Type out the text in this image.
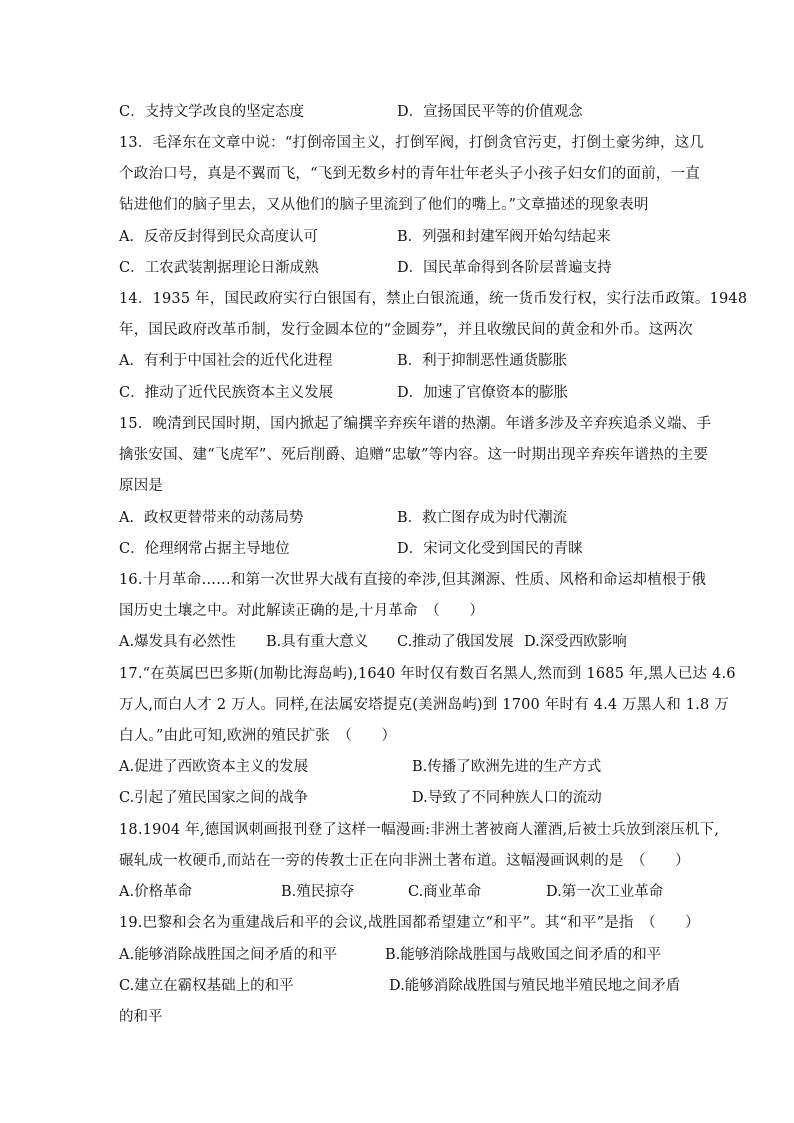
C．支持文学改良的坚定态度	D．宣扬国民平等的价值观念
13．毛泽东在文章中说：“打倒帝国主义，打倒军阀，打倒贪官污吏，打倒土豪劣绅，这几
个政治口号，真是不翼而飞，“飞到无数乡村的青年壮年老头子小孩子妇女们的面前，一直
钻进他们的脑子里去，又从他们的脑子里流到了他们的嘴上。”文章描述的现象表明
A．反帝反封得到民众高度认可	B．列强和封建军阀开始勾结起来
C．工农武装割据理论日渐成熟	D．国民革命得到各阶层普遍支持
14．1935 年，国民政府实行白银国有，禁止白银流通，统一货币发行权，实行法币政策。1948
年，国民政府改革币制，发行金圆本位的“金圆券”，并且收缴民间的黄金和外币。这两次
A．有利于中国社会的近代化进程	B．利于抑制恶性通货膨胀
C．推动了近代民族资本主义发展	D．加速了官僚资本的膨胀
15．晚清到民国时期，国内掀起了编撰辛弃疾年谱的热潮。年谱多涉及辛弃疾追杀义端、手
擒张安国、建“飞虎军”、死后削爵、追赠“忠敏”等内容。这一时期出现辛弃疾年谱热的主要
原因是
A．政权更替带来的动荡局势	B．救亡图存成为时代潮流
C．伦理纲常占据主导地位	D．宋词文化受到国民的青睐
16.十月革命……和第一次世界大战有直接的牵涉,但其渊源、性质、风格和命运却植根于俄
国历史土壤之中。对此解读正确的是,十月革命　（　　）
A.爆发具有必然性 B.具有重大意义 C.推动了俄国发展 D.深受西欧影响
17.“在英属巴巴多斯(加勒比海岛屿),1640 年时仅有数百名黑人,然而到 1685 年,黑人已达 4.6
万人,而白人才 2 万人。同样,在法属安塔提克(美洲岛屿)到 1700 年时有 4.4 万黑人和 1.8 万
白人。”由此可知,欧洲的殖民扩张　（　　）
A.促进了西欧资本主义的发展	B.传播了欧洲先进的生产方式
C.引起了殖民国家之间的战争	D.导致了不同种族人口的流动
18.1904 年,德国讽刺画报刊登了这样一幅漫画:非洲土著被商人灌酒,后被士兵放到滚压机下,
碾轧成一枚硬币,而站在一旁的传教士正在向非洲土著布道。这幅漫画讽刺的是　（　　）
A.价格革命	B.殖民掠夺	C.商业革命	D.第一次工业革命
19.巴黎和会名为重建战后和平的会议,战胜国都希望建立“和平”。其“和平”是指　（　　）
A.能够消除战胜国之间矛盾的和平	B.能够消除战胜国与战败国之间矛盾的和平
C.建立在霸权基础上的和平	D.能够消除战胜国与殖民地半殖民地之间矛盾
的和平
